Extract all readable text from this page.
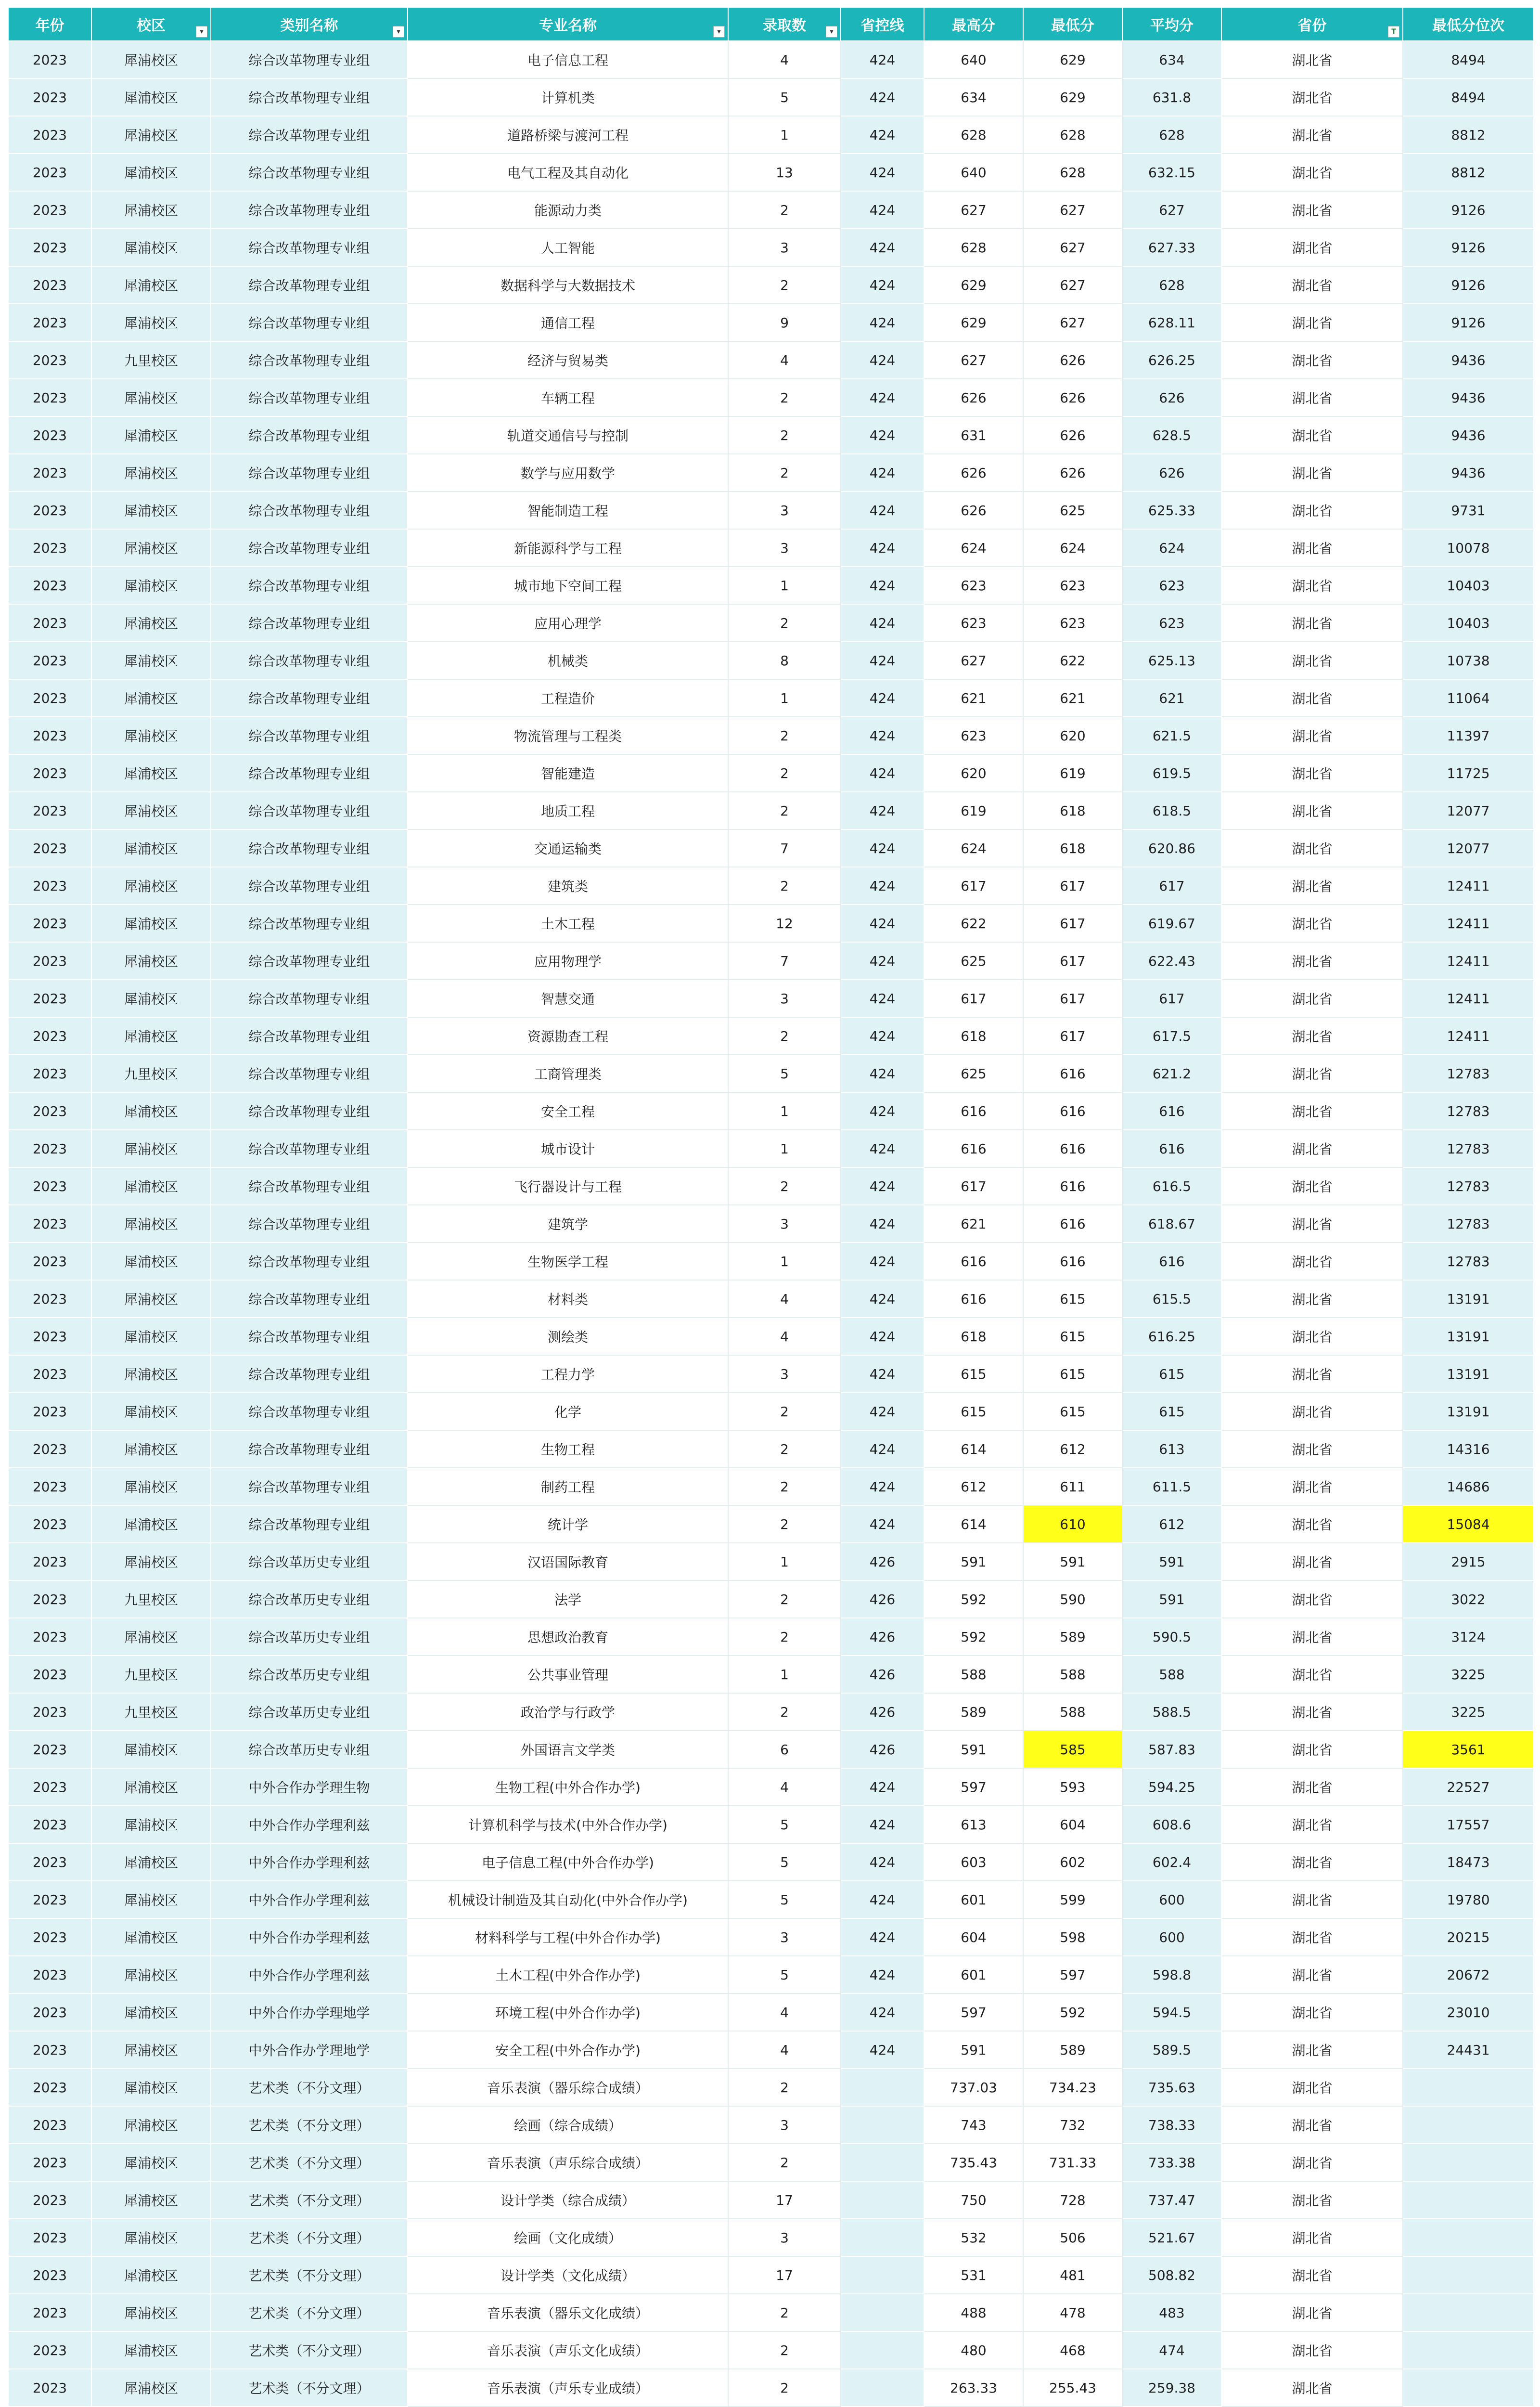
年份	校区 ▾	类别名称 ▾	专业名称 ▾	录取数 ▾	省控线	最高分	最低分	平均分	省份 T	最低分位次
2023	犀浦校区	综合改革物理专业组	电子信息工程	4	424	640	629	634	湖北省	8494
2023	犀浦校区	综合改革物理专业组	计算机类	5	424	634	629	631.8	湖北省	8494
2023	犀浦校区	综合改革物理专业组	道路桥梁与渡河工程	1	424	628	628	628	湖北省	8812
2023	犀浦校区	综合改革物理专业组	电气工程及其自动化	13	424	640	628	632.15	湖北省	8812
2023	犀浦校区	综合改革物理专业组	能源动力类	2	424	627	627	627	湖北省	9126
2023	犀浦校区	综合改革物理专业组	人工智能	3	424	628	627	627.33	湖北省	9126
2023	犀浦校区	综合改革物理专业组	数据科学与大数据技术	2	424	629	627	628	湖北省	9126
2023	犀浦校区	综合改革物理专业组	通信工程	9	424	629	627	628.11	湖北省	9126
2023	九里校区	综合改革物理专业组	经济与贸易类	4	424	627	626	626.25	湖北省	9436
2023	犀浦校区	综合改革物理专业组	车辆工程	2	424	626	626	626	湖北省	9436
2023	犀浦校区	综合改革物理专业组	轨道交通信号与控制	2	424	631	626	628.5	湖北省	9436
2023	犀浦校区	综合改革物理专业组	数学与应用数学	2	424	626	626	626	湖北省	9436
2023	犀浦校区	综合改革物理专业组	智能制造工程	3	424	626	625	625.33	湖北省	9731
2023	犀浦校区	综合改革物理专业组	新能源科学与工程	3	424	624	624	624	湖北省	10078
2023	犀浦校区	综合改革物理专业组	城市地下空间工程	1	424	623	623	623	湖北省	10403
2023	犀浦校区	综合改革物理专业组	应用心理学	2	424	623	623	623	湖北省	10403
2023	犀浦校区	综合改革物理专业组	机械类	8	424	627	622	625.13	湖北省	10738
2023	犀浦校区	综合改革物理专业组	工程造价	1	424	621	621	621	湖北省	11064
2023	犀浦校区	综合改革物理专业组	物流管理与工程类	2	424	623	620	621.5	湖北省	11397
2023	犀浦校区	综合改革物理专业组	智能建造	2	424	620	619	619.5	湖北省	11725
2023	犀浦校区	综合改革物理专业组	地质工程	2	424	619	618	618.5	湖北省	12077
2023	犀浦校区	综合改革物理专业组	交通运输类	7	424	624	618	620.86	湖北省	12077
2023	犀浦校区	综合改革物理专业组	建筑类	2	424	617	617	617	湖北省	12411
2023	犀浦校区	综合改革物理专业组	土木工程	12	424	622	617	619.67	湖北省	12411
2023	犀浦校区	综合改革物理专业组	应用物理学	7	424	625	617	622.43	湖北省	12411
2023	犀浦校区	综合改革物理专业组	智慧交通	3	424	617	617	617	湖北省	12411
2023	犀浦校区	综合改革物理专业组	资源勘查工程	2	424	618	617	617.5	湖北省	12411
2023	九里校区	综合改革物理专业组	工商管理类	5	424	625	616	621.2	湖北省	12783
2023	犀浦校区	综合改革物理专业组	安全工程	1	424	616	616	616	湖北省	12783
2023	犀浦校区	综合改革物理专业组	城市设计	1	424	616	616	616	湖北省	12783
2023	犀浦校区	综合改革物理专业组	飞行器设计与工程	2	424	617	616	616.5	湖北省	12783
2023	犀浦校区	综合改革物理专业组	建筑学	3	424	621	616	618.67	湖北省	12783
2023	犀浦校区	综合改革物理专业组	生物医学工程	1	424	616	616	616	湖北省	12783
2023	犀浦校区	综合改革物理专业组	材料类	4	424	616	615	615.5	湖北省	13191
2023	犀浦校区	综合改革物理专业组	测绘类	4	424	618	615	616.25	湖北省	13191
2023	犀浦校区	综合改革物理专业组	工程力学	3	424	615	615	615	湖北省	13191
2023	犀浦校区	综合改革物理专业组	化学	2	424	615	615	615	湖北省	13191
2023	犀浦校区	综合改革物理专业组	生物工程	2	424	614	612	613	湖北省	14316
2023	犀浦校区	综合改革物理专业组	制药工程	2	424	612	611	611.5	湖北省	14686
2023	犀浦校区	综合改革物理专业组	统计学	2	424	614	610	612	湖北省	15084
2023	犀浦校区	综合改革历史专业组	汉语国际教育	1	426	591	591	591	湖北省	2915
2023	九里校区	综合改革历史专业组	法学	2	426	592	590	591	湖北省	3022
2023	犀浦校区	综合改革历史专业组	思想政治教育	2	426	592	589	590.5	湖北省	3124
2023	九里校区	综合改革历史专业组	公共事业管理	1	426	588	588	588	湖北省	3225
2023	九里校区	综合改革历史专业组	政治学与行政学	2	426	589	588	588.5	湖北省	3225
2023	犀浦校区	综合改革历史专业组	外国语言文学类	6	426	591	585	587.83	湖北省	3561
2023	犀浦校区	中外合作办学理生物	生物工程(中外合作办学)	4	424	597	593	594.25	湖北省	22527
2023	犀浦校区	中外合作办学理利兹	计算机科学与技术(中外合作办学)	5	424	613	604	608.6	湖北省	17557
2023	犀浦校区	中外合作办学理利兹	电子信息工程(中外合作办学)	5	424	603	602	602.4	湖北省	18473
2023	犀浦校区	中外合作办学理利兹	机械设计制造及其自动化(中外合作办学)	5	424	601	599	600	湖北省	19780
2023	犀浦校区	中外合作办学理利兹	材料科学与工程(中外合作办学)	3	424	604	598	600	湖北省	20215
2023	犀浦校区	中外合作办学理利兹	土木工程(中外合作办学)	5	424	601	597	598.8	湖北省	20672
2023	犀浦校区	中外合作办学理地学	环境工程(中外合作办学)	4	424	597	592	594.5	湖北省	23010
2023	犀浦校区	中外合作办学理地学	安全工程(中外合作办学)	4	424	591	589	589.5	湖北省	24431
2023	犀浦校区	艺术类（不分文理）	音乐表演（器乐综合成绩）	2		737.03	734.23	735.63	湖北省	
2023	犀浦校区	艺术类（不分文理）	绘画（综合成绩）	3		743	732	738.33	湖北省	
2023	犀浦校区	艺术类（不分文理）	音乐表演（声乐综合成绩）	2		735.43	731.33	733.38	湖北省	
2023	犀浦校区	艺术类（不分文理）	设计学类（综合成绩）	17		750	728	737.47	湖北省	
2023	犀浦校区	艺术类（不分文理）	绘画（文化成绩）	3		532	506	521.67	湖北省	
2023	犀浦校区	艺术类（不分文理）	设计学类（文化成绩）	17		531	481	508.82	湖北省	
2023	犀浦校区	艺术类（不分文理）	音乐表演（器乐文化成绩）	2		488	478	483	湖北省	
2023	犀浦校区	艺术类（不分文理）	音乐表演（声乐文化成绩）	2		480	468	474	湖北省	
2023	犀浦校区	艺术类（不分文理）	音乐表演（声乐专业成绩）	2		263.33	255.43	259.38	湖北省	
